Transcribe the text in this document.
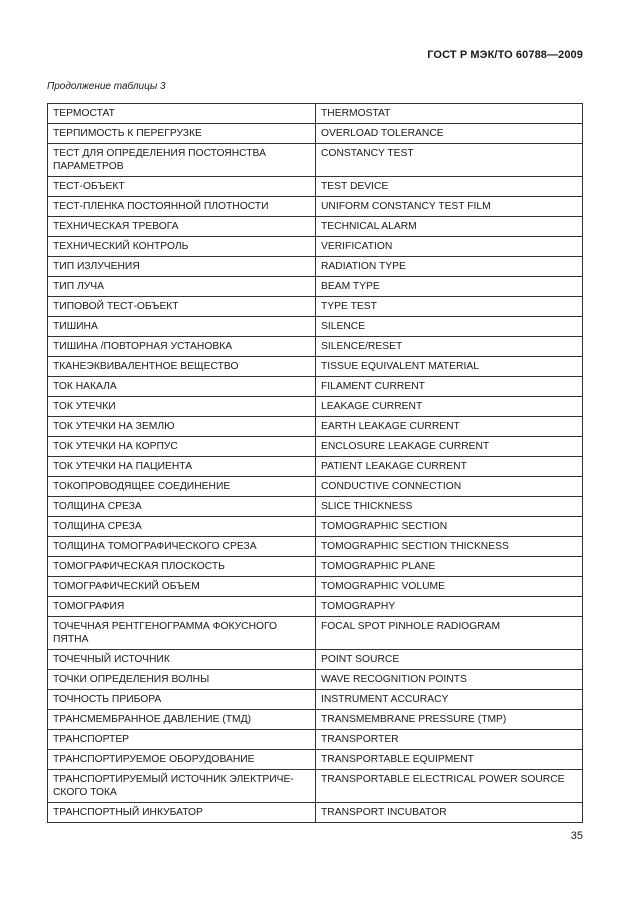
ГОСТ Р МЭК/ТО 60788—2009
Продолжение таблицы 3
ТЕРМОСТАТ	THERMOSTAT
ТЕРПИМОСТЬ К ПЕРЕГРУЗКЕ	OVERLOAD TOLERANCE
ТЕСТ ДЛЯ ОПРЕДЕЛЕНИЯ ПОСТОЯНСТВА ПАРАМЕТРОВ	CONSTANCY TEST
ТЕСТ-ОБЪЕКТ	TEST DEVICE
ТЕСТ-ПЛЕНКА ПОСТОЯННОЙ ПЛОТНОСТИ	UNIFORM CONSTANCY TEST FILM
ТЕХНИЧЕСКАЯ ТРЕВОГА	TECHNICAL ALARM
ТЕХНИЧЕСКИЙ КОНТРОЛЬ	VERIFICATION
ТИП ИЗЛУЧЕНИЯ	RADIATION TYPE
ТИП ЛУЧА	BEAM TYPE
ТИПОВОЙ ТЕСТ-ОБЪЕКТ	TYPE TEST
ТИШИНА	SILENCE
ТИШИНА /ПОВТОРНАЯ УСТАНОВКА	SILENCE/RESET
ТКАНЕЭКВИВАЛЕНТНОЕ ВЕЩЕСТВО	TISSUE EQUIVALENT MATERIAL
ТОК НАКАЛА	FILAMENT CURRENT
ТОК УТЕЧКИ	LEAKAGE CURRENT
ТОК УТЕЧКИ НА ЗЕМЛЮ	EARTH LEAKAGE CURRENT
ТОК УТЕЧКИ НА КОРПУС	ENCLOSURE LEAKAGE CURRENT
ТОК УТЕЧКИ НА ПАЦИЕНТА	PATIENT LEAKAGE CURRENT
ТОКОПРОВОДЯЩЕЕ СОЕДИНЕНИЕ	CONDUCTIVE CONNECTION
ТОЛЩИНА СРЕЗА	SLICE THICKNESS
ТОЛЩИНА СРЕЗА	TOMOGRAPHIC SECTION
ТОЛЩИНА ТОМОГРАФИЧЕСКОГО СРЕЗА	TOMOGRAPHIC SECTION THICKNESS
ТОМОГРАФИЧЕСКАЯ ПЛОСКОСТЬ	TOMOGRAPHIC PLANE
ТОМОГРАФИЧЕСКИЙ ОБЪЕМ	TOMOGRAPHIC VOLUME
ТОМОГРАФИЯ	TOMOGRAPHY
ТОЧЕЧНАЯ РЕНТГЕНОГРАММА ФОКУСНОГО ПЯТНА	FOCAL SPOT PINHOLE RADIOGRAM
ТОЧЕЧНЫЙ ИСТОЧНИК	POINT SOURCE
ТОЧКИ ОПРЕДЕЛЕНИЯ ВОЛНЫ	WAVE RECOGNITION POINTS
ТОЧНОСТЬ ПРИБОРА	INSTRUMENT ACCURACY
ТРАНСМЕМБРАННОЕ ДАВЛЕНИЕ (ТМД)	TRANSMEMBRANE PRESSURE (TMP)
ТРАНСПОРТЕР	TRANSPORTER
ТРАНСПОРТИРУЕМОЕ ОБОРУДОВАНИЕ	TRANSPORTABLE EQUIPMENT
ТРАНСПОРТИРУЕМЫЙ ИСТОЧНИК ЭЛЕКТРИЧЕ-СКОГО ТОКА	TRANSPORTABLE ELECTRICAL POWER SOURCE
ТРАНСПОРТНЫЙ ИНКУБАТОР	TRANSPORT INCUBATOR
35
